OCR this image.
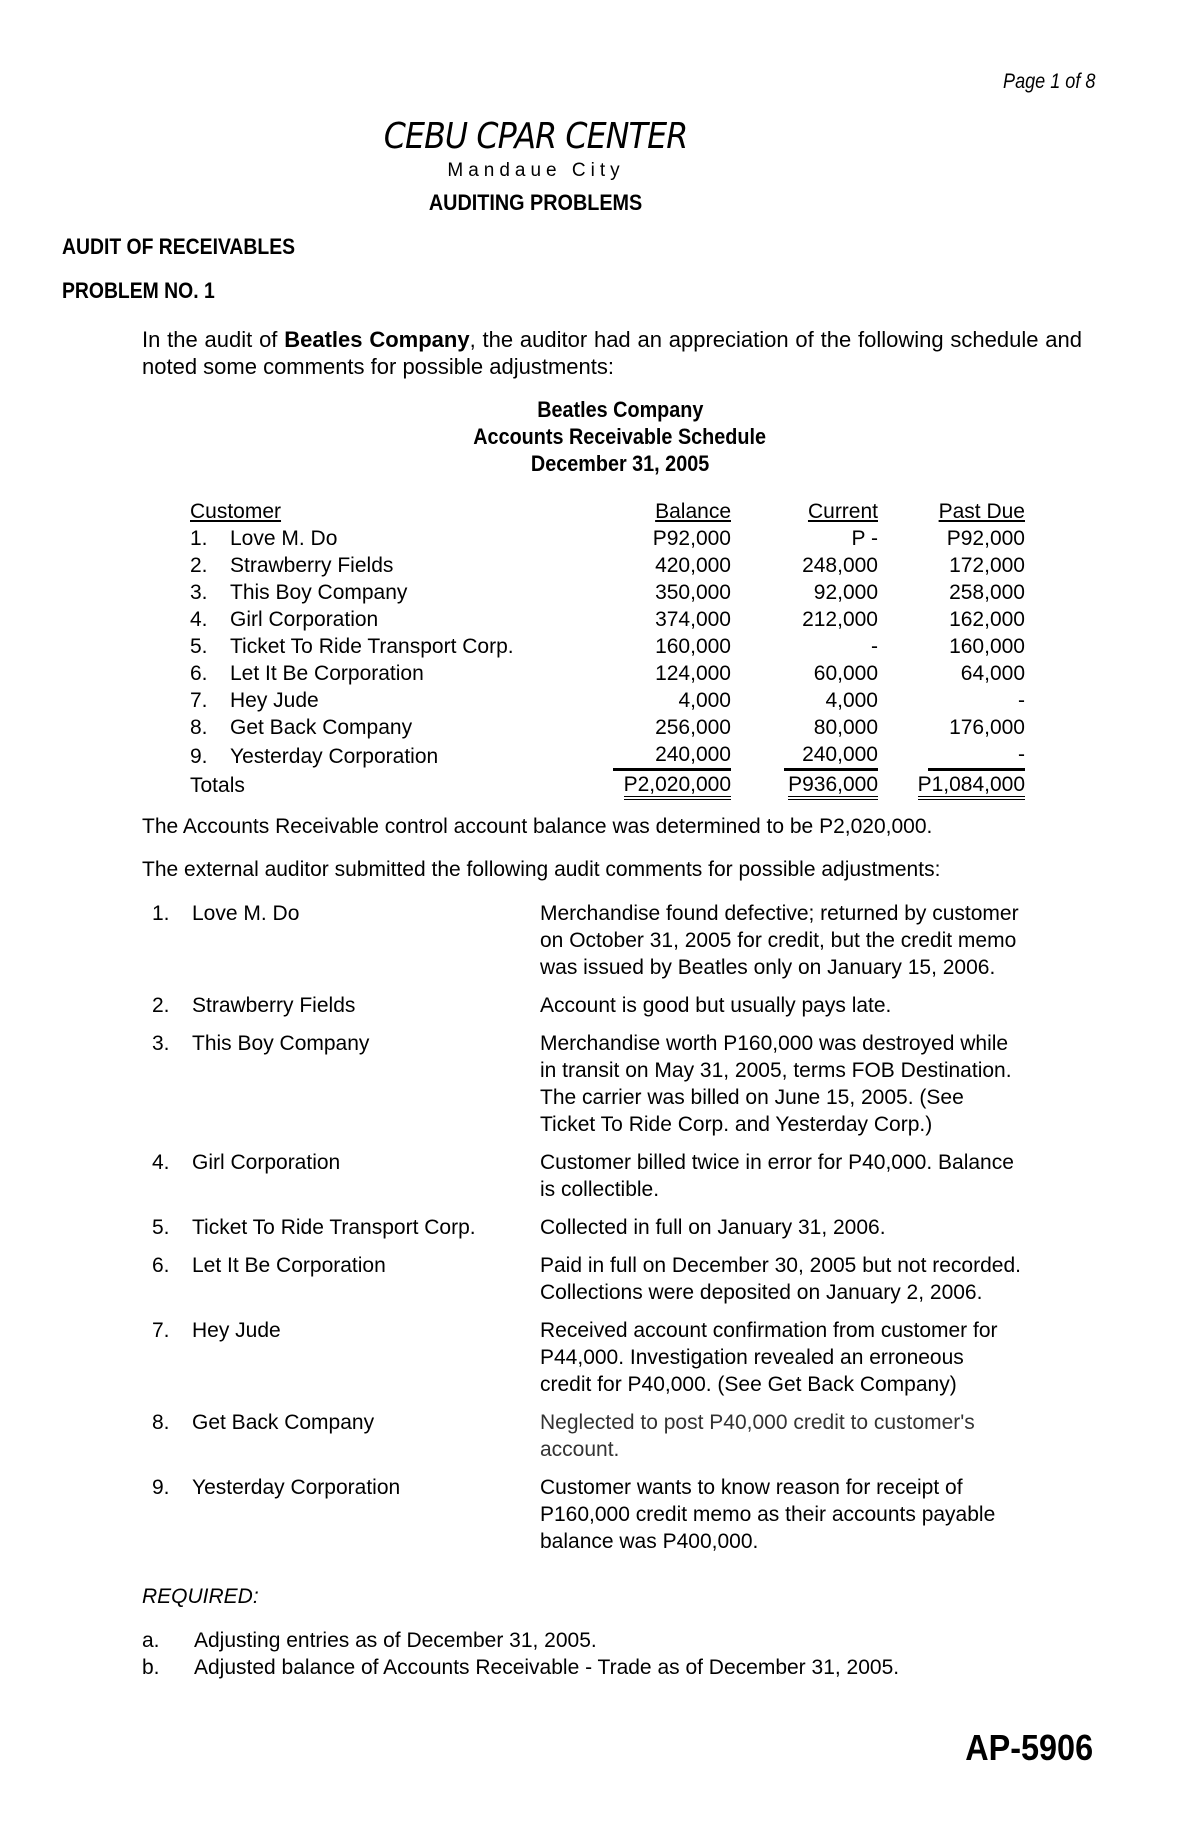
Page 1 of 8
CEBU CPAR CENTER
Mandaue City
AUDITING PROBLEMS
AUDIT OF RECEIVABLES
PROBLEM NO. 1
In the audit of Beatles Company, the auditor had an appreciation of the following schedule and noted some comments for possible adjustments:
Beatles Company
Accounts Receivable Schedule
December 31, 2005
Customer	Balance	Current	Past Due
1. Love M. Do	P92,000	P -	P92,000
2. Strawberry Fields	420,000	248,000	172,000
3. This Boy Company	350,000	92,000	258,000
4. Girl Corporation	374,000	212,000	162,000
5. Ticket To Ride Transport Corp.	160,000	-	160,000
6. Let It Be Corporation	124,000	60,000	64,000
7. Hey Jude	4,000	4,000	-
8. Get Back Company	256,000	80,000	176,000
9. Yesterday Corporation	240,000	240,000	-
Totals	P2,020,000	P936,000	P1,084,000
The Accounts Receivable control account balance was determined to be P2,020,000.
The external auditor submitted the following audit comments for possible adjustments:
1.	Love M. Do	Merchandise found defective; returned by customer
on October 31, 2005 for credit, but the credit memo
was issued by Beatles only on January 15, 2006.
2.	Strawberry Fields	Account is good but usually pays late.
3.	This Boy Company	Merchandise worth P160,000 was destroyed while
in transit on May 31, 2005, terms FOB Destination.
The carrier was billed on June 15, 2005. (See
Ticket To Ride Corp. and Yesterday Corp.)
4.	Girl Corporation	Customer billed twice in error for P40,000. Balance
is collectible.
5.	Ticket To Ride Transport Corp.	Collected in full on January 31, 2006.
6.	Let It Be Corporation	Paid in full on December 30, 2005 but not recorded.
Collections were deposited on January 2, 2006.
7.	Hey Jude	Received account confirmation from customer for
P44,000. Investigation revealed an erroneous
credit for P40,000. (See Get Back Company)
8.	Get Back Company	Neglected to post P40,000 credit to customer's
account.
9.	Yesterday Corporation	Customer wants to know reason for receipt of
P160,000 credit memo as their accounts payable
balance was P400,000.
REQUIRED:
a.	Adjusting entries as of December 31, 2005.
b.	Adjusted balance of Accounts Receivable - Trade as of December 31, 2005.
AP-5906
